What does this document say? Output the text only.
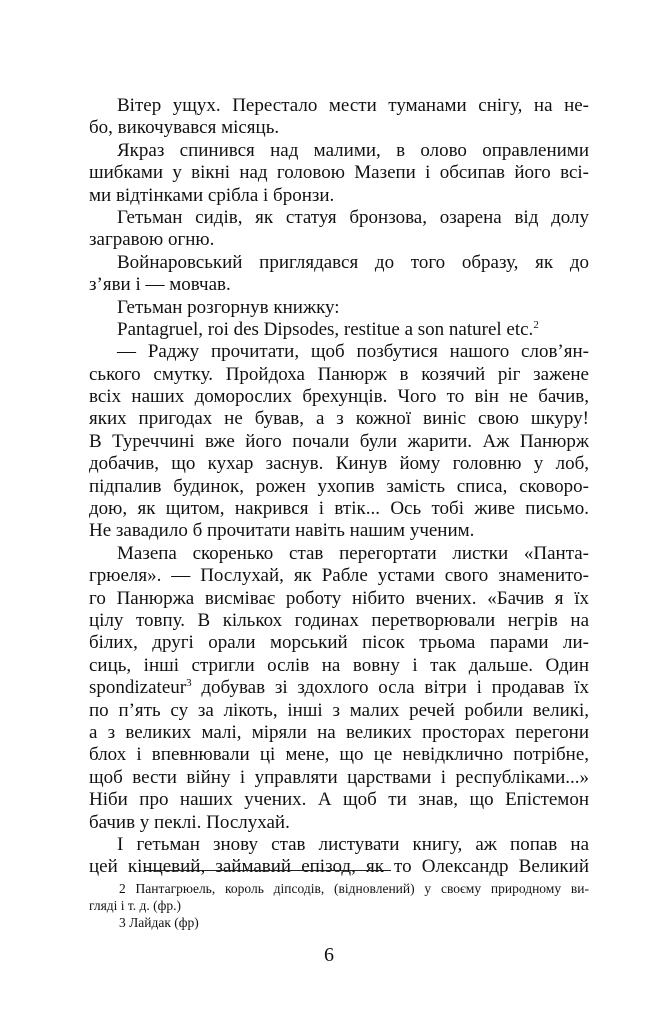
Вітер ущух. Перестало мести туманами снігу, на не-
бо, викочувався місяць.
Якраз спинився над малими, в олово оправленими
шибками у вікні над головою Мазепи і обсипав його всі-
ми відтінками срібла і бронзи.
Гетьман сидів, як статуя бронзова, озарена від долу
загравою огню.
Войнаровський приглядався до того образу, як до
з’яви і — мовчав.
Гетьман розгорнув книжку:
Pantagruel, roi des Dipsodes, restitue a son naturel etc.$^2$
— Раджу прочитати, щоб позбутися нашого слов’ян-
ського смутку. Пройдоха Панюрж в козячий ріг зажене
всіх наших доморослих брехунців. Чого то він не бачив,
яких пригодах не бував, а з кожної виніс свою шкуру!
В Туреччині вже його почали були жарити. Аж Панюрж
добачив, що кухар заснув. Кинув йому головню у лоб,
підпалив будинок, рожен ухопив замість списа, сковоро-
дою, як щитом, накрився і втік... Ось тобі живе письмо.
Не завадило б прочитати навіть нашим ученим.
Мазепа скоренько став перегортати листки «Панта-
грюеля». — Послухай, як Рабле устами свого знаменито-
го Панюржа висміває роботу нібито вчених. «Бачив я їх
цілу товпу. В кількох годинах перетворювали негрів на
білих, другі орали морський пісок трьома парами ли-
сиць, інші стригли ослів на вовну і так дальше. Один
spondizateur$^3$ добував зі здохлого осла вітри і продавав їх
по п’ять су за лікоть, інші з малих речей робили великі,
а з великих малі, міряли на великих просторах перегони
блох і впевнювали ці мене, що це невідкличнo потрібне,
щоб вести війну і управляти царствами і республіками...»
Ніби про наших учених. А щоб ти знав, що Епістемон
бачив у пеклі. Послухай.
І гетьман знову став листувати книгу, аж попав на
цей кінцевий, займавий епізод, як то Олександр Великий
2 Пантагрюель, король діпсодів, (відновлений) у своєму природному ви-
гляді і т. д. (фр.)
3 Лайдак (фр)
6
